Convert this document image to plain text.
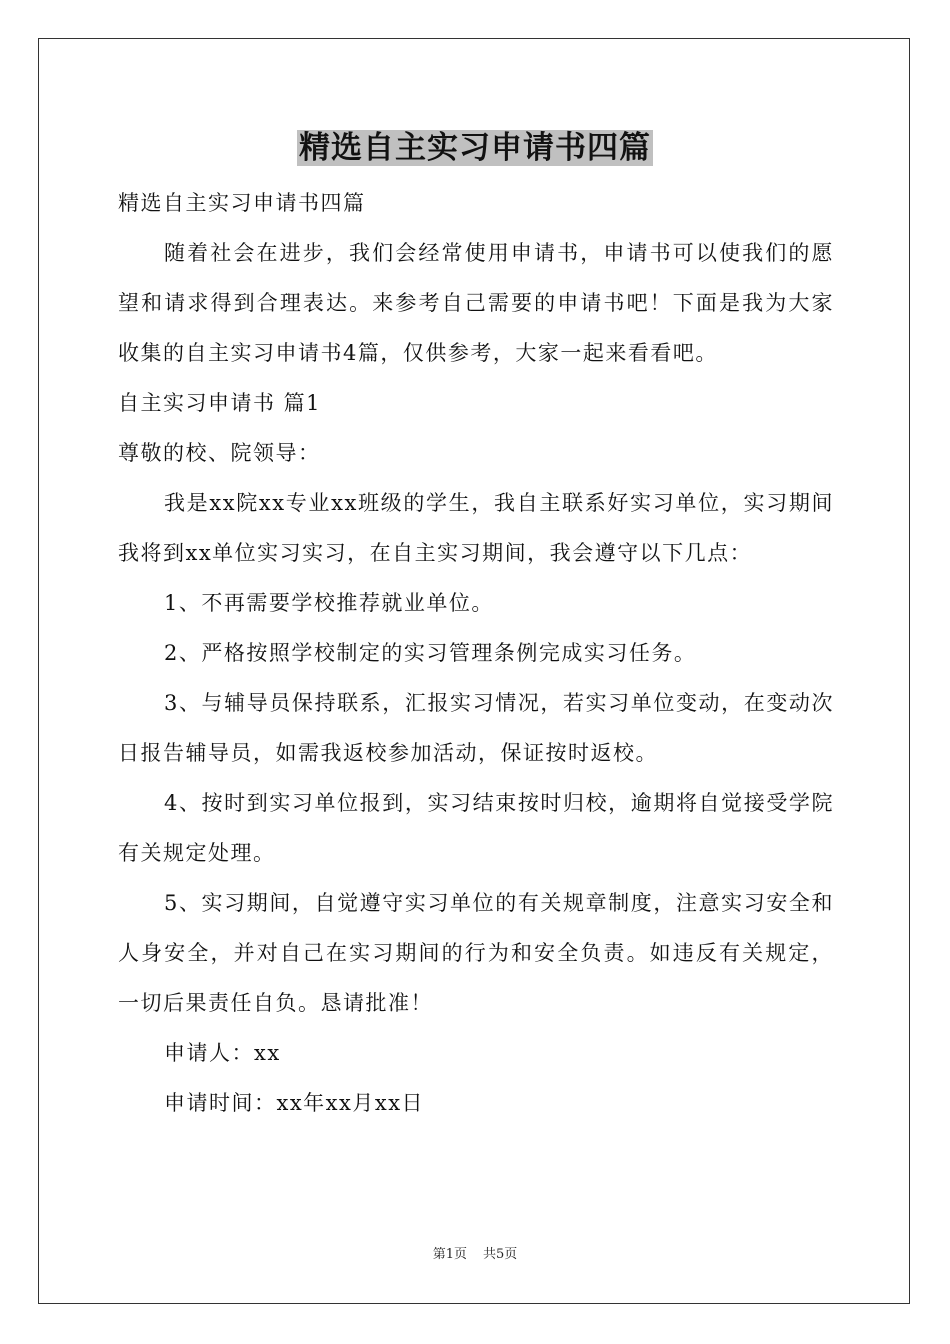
精选自主实习申请书四篇

精选自主实习申请书四篇

随着社会在进步，我们会经常使用申请书，申请书可以使我们的愿望和请求得到合理表达。来参考自己需要的申请书吧！下面是我为大家收集的自主实习申请书4篇，仅供参考，大家一起来看看吧。

自主实习申请书 篇1

尊敬的校、院领导：

我是xx院xx专业xx班级的学生，我自主联系好实习单位，实习期间我将到xx单位实习实习，在自主实习期间，我会遵守以下几点：

1、不再需要学校推荐就业单位。

2、严格按照学校制定的实习管理条例完成实习任务。

3、与辅导员保持联系，汇报实习情况，若实习单位变动，在变动次日报告辅导员，如需我返校参加活动，保证按时返校。

4、按时到实习单位报到，实习结束按时归校，逾期将自觉接受学院有关规定处理。

5、实习期间，自觉遵守实习单位的有关规章制度，注意实习安全和人身安全，并对自己在实习期间的行为和安全负责。如违反有关规定，一切后果责任自负。恳请批准！

申请人：xx

申请时间：xx年xx月xx日

第1页 共5页
